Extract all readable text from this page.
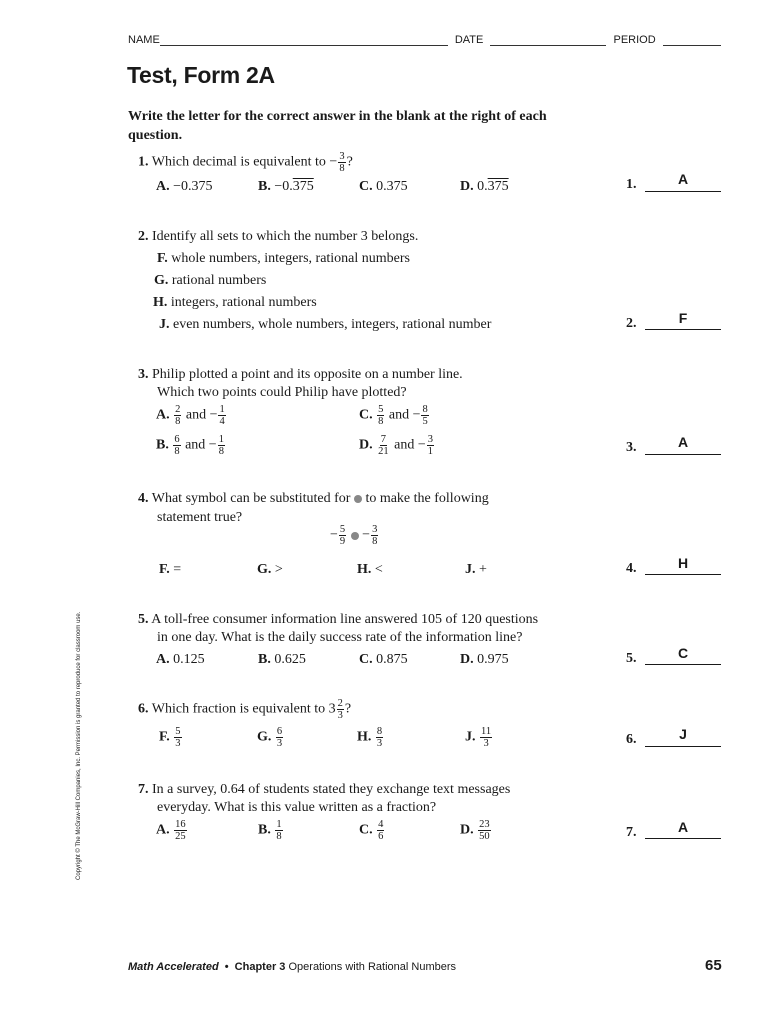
NAME	DATE	PERIOD
Test, Form 2A
Write the letter for the correct answer in the blank at the right of each question.
1. Which decimal is equivalent to − $\frac{3}{8}$ ?
A. −0.375	B. −0.375	C. 0.375	D. 0.375	1.	A
2. Identify all sets to which the number 3 belongs.
F. whole numbers, integers, rational numbers
G. rational numbers
H. integers, rational numbers
J. even numbers, whole numbers, integers, rational number	2.	F
3. Philip plotted a point and its opposite on a number line.
Which two points could Philip have plotted?
A. $\frac{2}{8}$ and − $\frac{1}{4}$
B. $\frac{6}{8}$ and − $\frac{1}{8}$
C. $\frac{5}{8}$ and − $\frac{8}{5}$
D. $\frac{7}{21}$ and − $\frac{3}{1}$	3.	A
4. What symbol can be substituted for to make the following
statement true?
− $\frac{5}{9} - \frac{3}{8}$
F. =	G. >	H. <	J. +	4.	H
5. A toll-free consumer information line answered 105 of 120 questions
in one day. What is the daily success rate of the information line?
A. 0.125	B. 0.625	C. 0.875	D. 0.975	5.	C
6. Which fraction is equivalent to $3 \frac{2}{3}$ ?
F. $\frac{5}{3}$	G. $\frac{6}{3}$	H. $\frac{8}{3}$	J. $\frac{11}{3}$	6.	J
7. In a survey, 0.64 of students stated they exchange text messages
everyday. What is this value written as a fraction?
A. $\frac{16}{25}$	B. $\frac{1}{8}$	C. $\frac{4}{6}$	D. $\frac{23}{50}$	7.	A
Copyright © The McGraw-Hill Companies, Inc. Permission is granted to reproduce for classroom use.
Math Accelerated • Chapter 3 Operations with Rational Numbers	65
